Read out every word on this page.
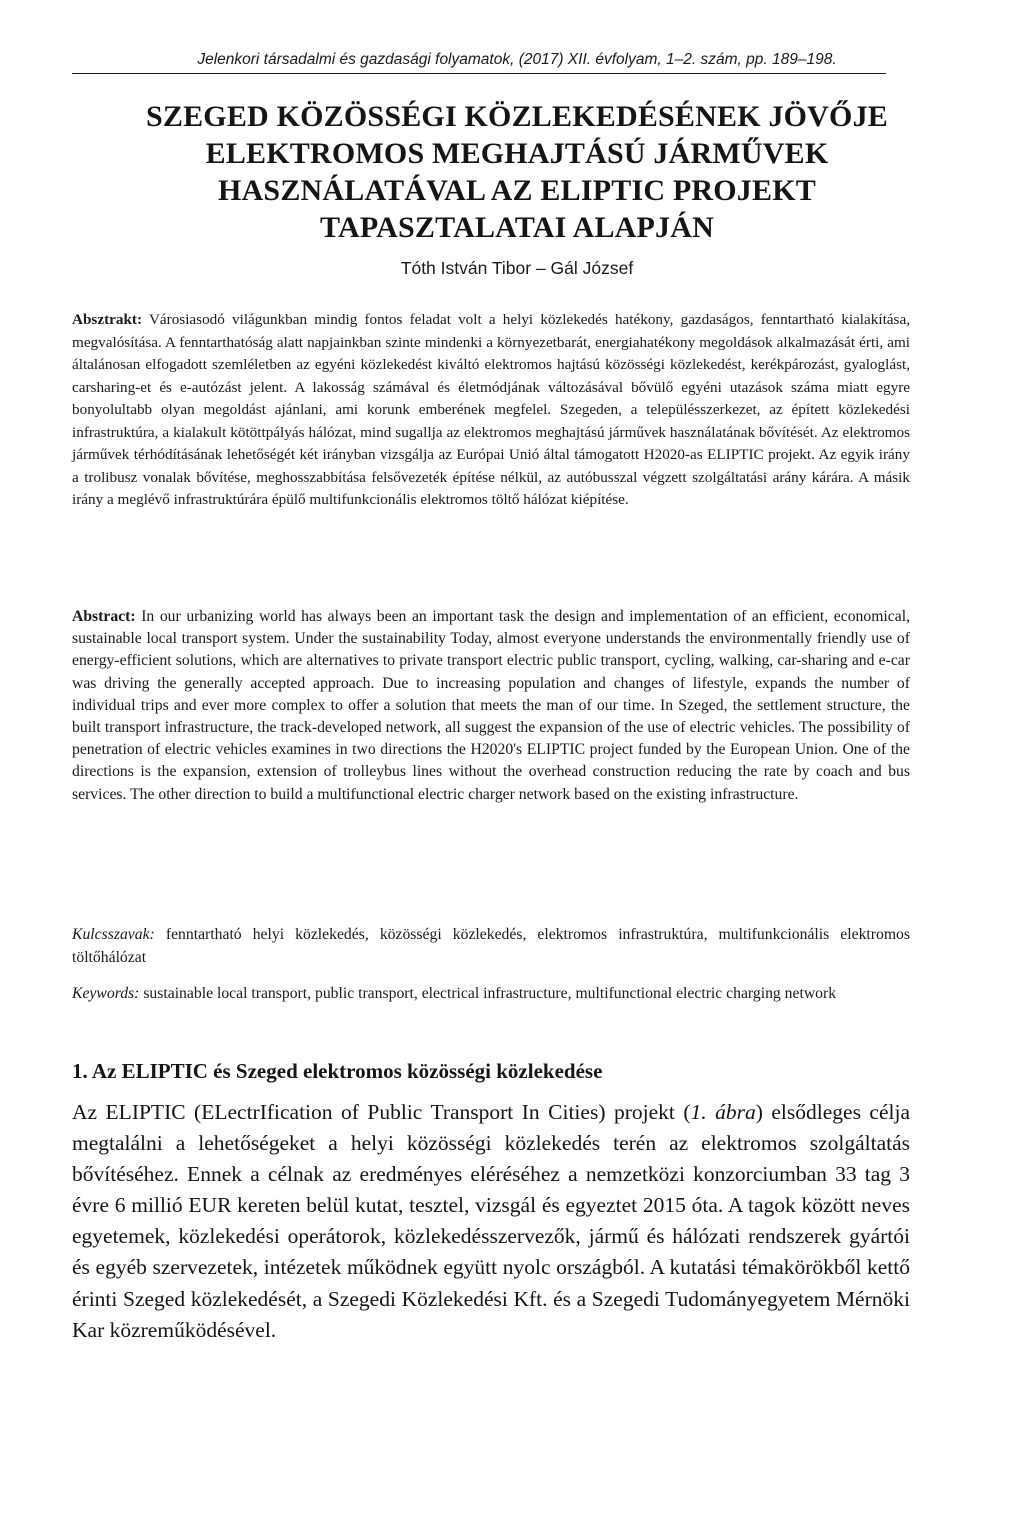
Jelenkori társadalmi és gazdasági folyamatok, (2017) XII. évfolyam, 1–2. szám, pp. 189–198.
SZEGED KÖZÖSSÉGI KÖZLEKEDÉSÉNEK JÖVŐJE
ELEKTROMOS MEGHAJTÁSÚ JÁRMŰVEK
HASZNÁLATÁVAL AZ ELIPTIC PROJEKT
TAPASZTALATAI ALAPJÁN
Tóth István Tibor – Gál József
Absztrakt: Városiasodó világunkban mindig fontos feladat volt a helyi közlekedés hatékony, gazdaságos, fenntartható kialakítása, megvalósítása. A fenntarthatóság alatt napjainkban szinte mindenki a környezetbarát, energiahatékony megoldások alkalmazását érti, ami általánosan elfogadott szemléletben az egyéni közlekedést kiváltó elektromos hajtású közösségi közlekedést, kerékpározást, gyaloglást, carsharing-et és e-autózást jelent. A lakosság számával és életmódjának változásával bővülő egyéni utazások száma miatt egyre bonyolultabb olyan megoldást ajánlani, ami korunk emberének megfelel. Szegeden, a településszerkezet, az épített közlekedési infrastruktúra, a kialakult kötöttpályás hálózat, mind sugallja az elektromos meghajtású járművek használatának bővítését. Az elektromos járművek térhódításának lehetőségét két irányban vizsgálja az Európai Unió által támogatott H2020-as ELIPTIC projekt. Az egyik irány a trolibusz vonalak bővítése, meghosszabbítása felsővezeték építése nélkül, az autóbusszal végzett szolgáltatási arány kárára. A másik irány a meglévő infrastruktúrára épülő multifunkcionális elektromos töltő hálózat kiépítése.
Abstract: In our urbanizing world has always been an important task the design and implementation of an efficient, economical, sustainable local transport system. Under the sustainability Today, almost everyone understands the environmentally friendly use of energy-efficient solutions, which are alternatives to private transport electric public transport, cycling, walking, car-sharing and e-car was driving the generally accepted approach. Due to increasing population and changes of lifestyle, expands the number of individual trips and ever more complex to offer a solution that meets the man of our time. In Szeged, the settlement structure, the built transport infrastructure, the track-developed network, all suggest the expansion of the use of electric vehicles. The possibility of penetration of electric vehicles examines in two directions the H2020's ELIPTIC project funded by the European Union. One of the directions is the expansion, extension of trolleybus lines without the overhead construction reducing the rate by coach and bus services. The other direction to build a multifunctional electric charger network based on the existing infrastructure.
Kulcsszavak: fenntartható helyi közlekedés, közösségi közlekedés, elektromos infrastruktúra, multifunkcionális elektromos töltőhálózat
Keywords: sustainable local transport, public transport, electrical infrastructure, multifunctional electric charging network
1. Az ELIPTIC és Szeged elektromos közösségi közlekedése
Az ELIPTIC (ELectrIfication of Public Transport In Cities) projekt (1. ábra) elsődleges célja megtalálni a lehetőségeket a helyi közösségi közlekedés terén az elektromos szolgáltatás bővítéséhez. Ennek a célnak az eredményes eléréséhez a nemzetközi konzorciumban 33 tag 3 évre 6 millió EUR kereten belül kutat, tesztel, vizsgál és egyeztet 2015 óta. A tagok között neves egyetemek, közlekedési operátorok, közlekedésszervezők, jármű és hálózati rendszerek gyártói és egyéb szervezetek, intézetek működnek együtt nyolc országból. A kutatási témakörökből kettő érinti Szeged közlekedését, a Szegedi Közlekedési Kft. és a Szegedi Tudományegyetem Mérnöki Kar közreműködésével.
